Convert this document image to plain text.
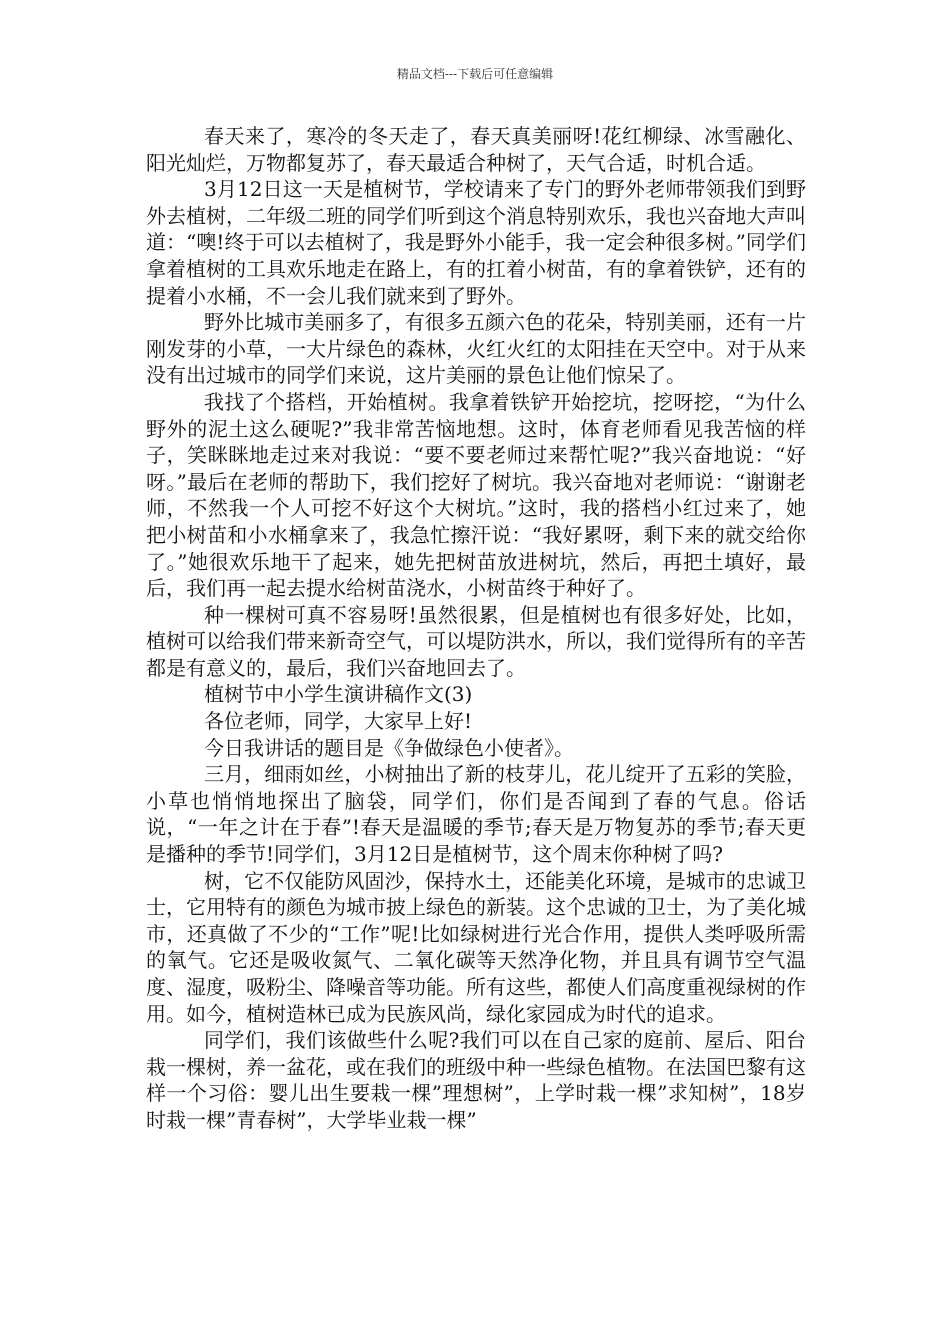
精品文档---下载后可任意编辑

春天来了，寒冷的冬天走了，春天真美丽呀!花红柳绿、冰雪融化、阳光灿烂，万物都复苏了，春天最适合种树了，天气合适，时机合适。

3月12日这一天是植树节，学校请来了专门的野外老师带领我们到野外去植树，二年级二班的同学们听到这个消息特别欢乐，我也兴奋地大声叫道：“噢!终于可以去植树了，我是野外小能手，我一定会种很多树。”同学们拿着植树的工具欢乐地走在路上，有的扛着小树苗，有的拿着铁铲，还有的提着小水桶，不一会儿我们就来到了野外。

野外比城市美丽多了，有很多五颜六色的花朵，特别美丽，还有一片刚发芽的小草，一大片绿色的森林，火红火红的太阳挂在天空中。对于从来没有出过城市的同学们来说，这片美丽的景色让他们惊呆了。

我找了个搭档，开始植树。我拿着铁铲开始挖坑，挖呀挖，“为什么野外的泥土这么硬呢?”我非常苦恼地想。这时，体育老师看见我苦恼的样子，笑眯眯地走过来对我说：“要不要老师过来帮忙呢?”我兴奋地说：“好呀。”最后在老师的帮助下，我们挖好了树坑。我兴奋地对老师说：“谢谢老师，不然我一个人可挖不好这个大树坑。”这时，我的搭档小红过来了，她把小树苗和小水桶拿来了，我急忙擦汗说：“我好累呀，剩下来的就交给你了。”她很欢乐地干了起来，她先把树苗放进树坑，然后，再把土填好，最后，我们再一起去提水给树苗浇水，小树苗终于种好了。

种一棵树可真不容易呀!虽然很累，但是植树也有很多好处，比如，植树可以给我们带来新奇空气，可以堤防洪水，所以，我们觉得所有的辛苦都是有意义的，最后，我们兴奋地回去了。

植树节中小学生演讲稿作文(3)

各位老师，同学，大家早上好!

今日我讲话的题目是《争做绿色小使者》。

三月，细雨如丝，小树抽出了新的枝芽儿，花儿绽开了五彩的笑脸，小草也悄悄地探出了脑袋，同学们，你们是否闻到了春的气息。俗话说，“一年之计在于春”!春天是温暖的季节;春天是万物复苏的季节;春天更是播种的季节!同学们，3月12日是植树节，这个周末你种树了吗?

树，它不仅能防风固沙，保持水土，还能美化环境，是城市的忠诚卫士，它用特有的颜色为城市披上绿色的新装。这个忠诚的卫士，为了美化城市，还真做了不少的“工作”呢!比如绿树进行光合作用，提供人类呼吸所需的氧气。它还是吸收氮气、二氧化碳等天然净化物，并且具有调节空气温度、湿度，吸粉尘、降噪音等功能。所有这些，都使人们高度重视绿树的作用。如今，植树造林已成为民族风尚，绿化家园成为时代的追求。

同学们，我们该做些什么呢?我们可以在自己家的庭前、屋后、阳台栽一棵树，养一盆花，或在我们的班级中种一些绿色植物。在法国巴黎有这样一个习俗：婴儿出生要栽一棵”理想树”，上学时栽一棵”求知树”，18岁时栽一棵”青春树”，大学毕业栽一棵”
